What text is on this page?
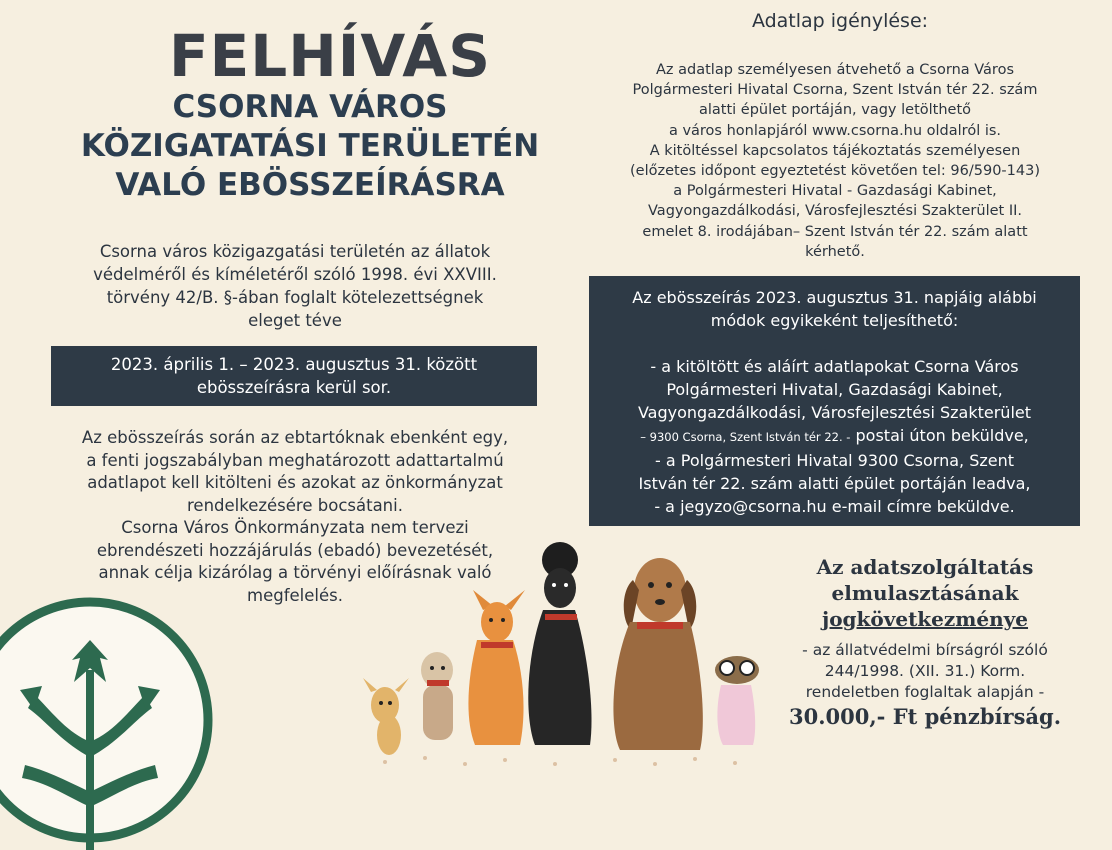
FELHÍVÁS
CSORNA VÁROS
KÖZIGATATÁSI TERÜLETÉN
VALÓ EBÖSSZEÍRÁSRA
Csorna város közigazgatási területén az állatok
védelméről és kíméletéről szóló 1998. évi XXVIII.
törvény 42/B. §-ában foglalt kötelezettségnek
eleget téve
2023. április 1. – 2023. augusztus 31. között
ebösszeírásra kerül sor.
Az ebösszeírás során az ebtartóknak ebenként egy,
a fenti jogszabályban meghatározott adattartalmú
adatlapot kell kitölteni és azokat az önkormányzat
rendelkezésére bocsátani.
Csorna Város Önkormányzata nem tervezi
ebrendészeti hozzájárulás (ebadó) bevezetését,
annak célja kizárólag a törvényi előírásnak való
megfelelés.
Adatlap igénylése:
Az adatlap személyesen átvehető a Csorna Város
Polgármesteri Hivatal Csorna, Szent István tér 22. szám
alatti épület portáján, vagy letölthető
a város honlapjáról www.csorna.hu oldalról is.
A kitöltéssel kapcsolatos tájékoztatás személyesen
(előzetes időpont egyeztetést követően tel: 96/590-143)
a Polgármesteri Hivatal - Gazdasági Kabinet,
Vagyongazdálkodási, Városfejlesztési Szakterület II.
emelet 8. irodájában– Szent István tér 22. szám alatt
kérhető.
Az ebösszeírás 2023. augusztus 31. napjáig alábbi
módok egyikeként teljesíthető:
- a kitöltött és aláírt adatlapokat Csorna Város
Polgármesteri Hivatal, Gazdasági Kabinet,
Vagyongazdálkodási, Városfejlesztési Szakterület
– 9300 Csorna, Szent István tér 22. - postai úton beküldve,
- a Polgármesteri Hivatal 9300 Csorna, Szent
István tér 22. szám alatti épület portáján leadva,
- a jegyzo@csorna.hu e-mail címre beküldve.
Az adatszolgáltatás
elmulasztásának
jogkövetkezménye
- az állatvédelmi bírságról szóló
244/1998. (XII. 31.) Korm.
rendeletben foglaltak alapján -
30.000,- Ft pénzbírság.
